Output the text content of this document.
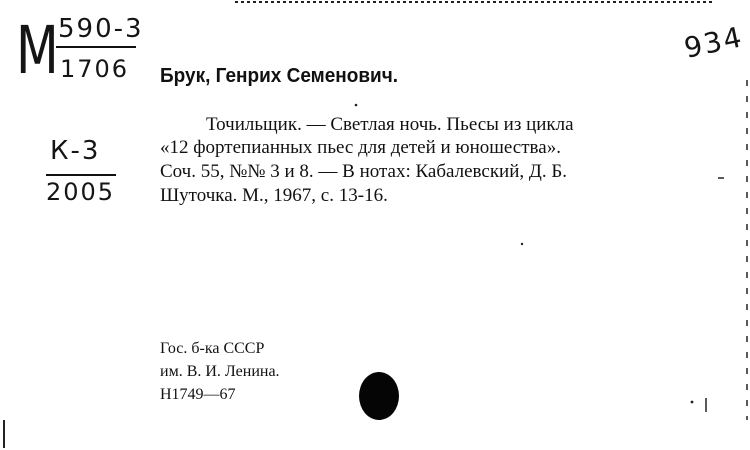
М 590-3
1706
934
К-3
2005
Брук, Генрих Семенович.
Точильщик. — Светлая ночь. Пьесы из цикла
«12 фортепианных пьес для детей и юношества».
Соч. 55, №№ 3 и 8. — В нотах: Кабалевский, Д. Б.
Шуточка. М., 1967, с. 13-16.
Гос. б-ка СССР
им. В. И. Ленина.
Н1749—67
